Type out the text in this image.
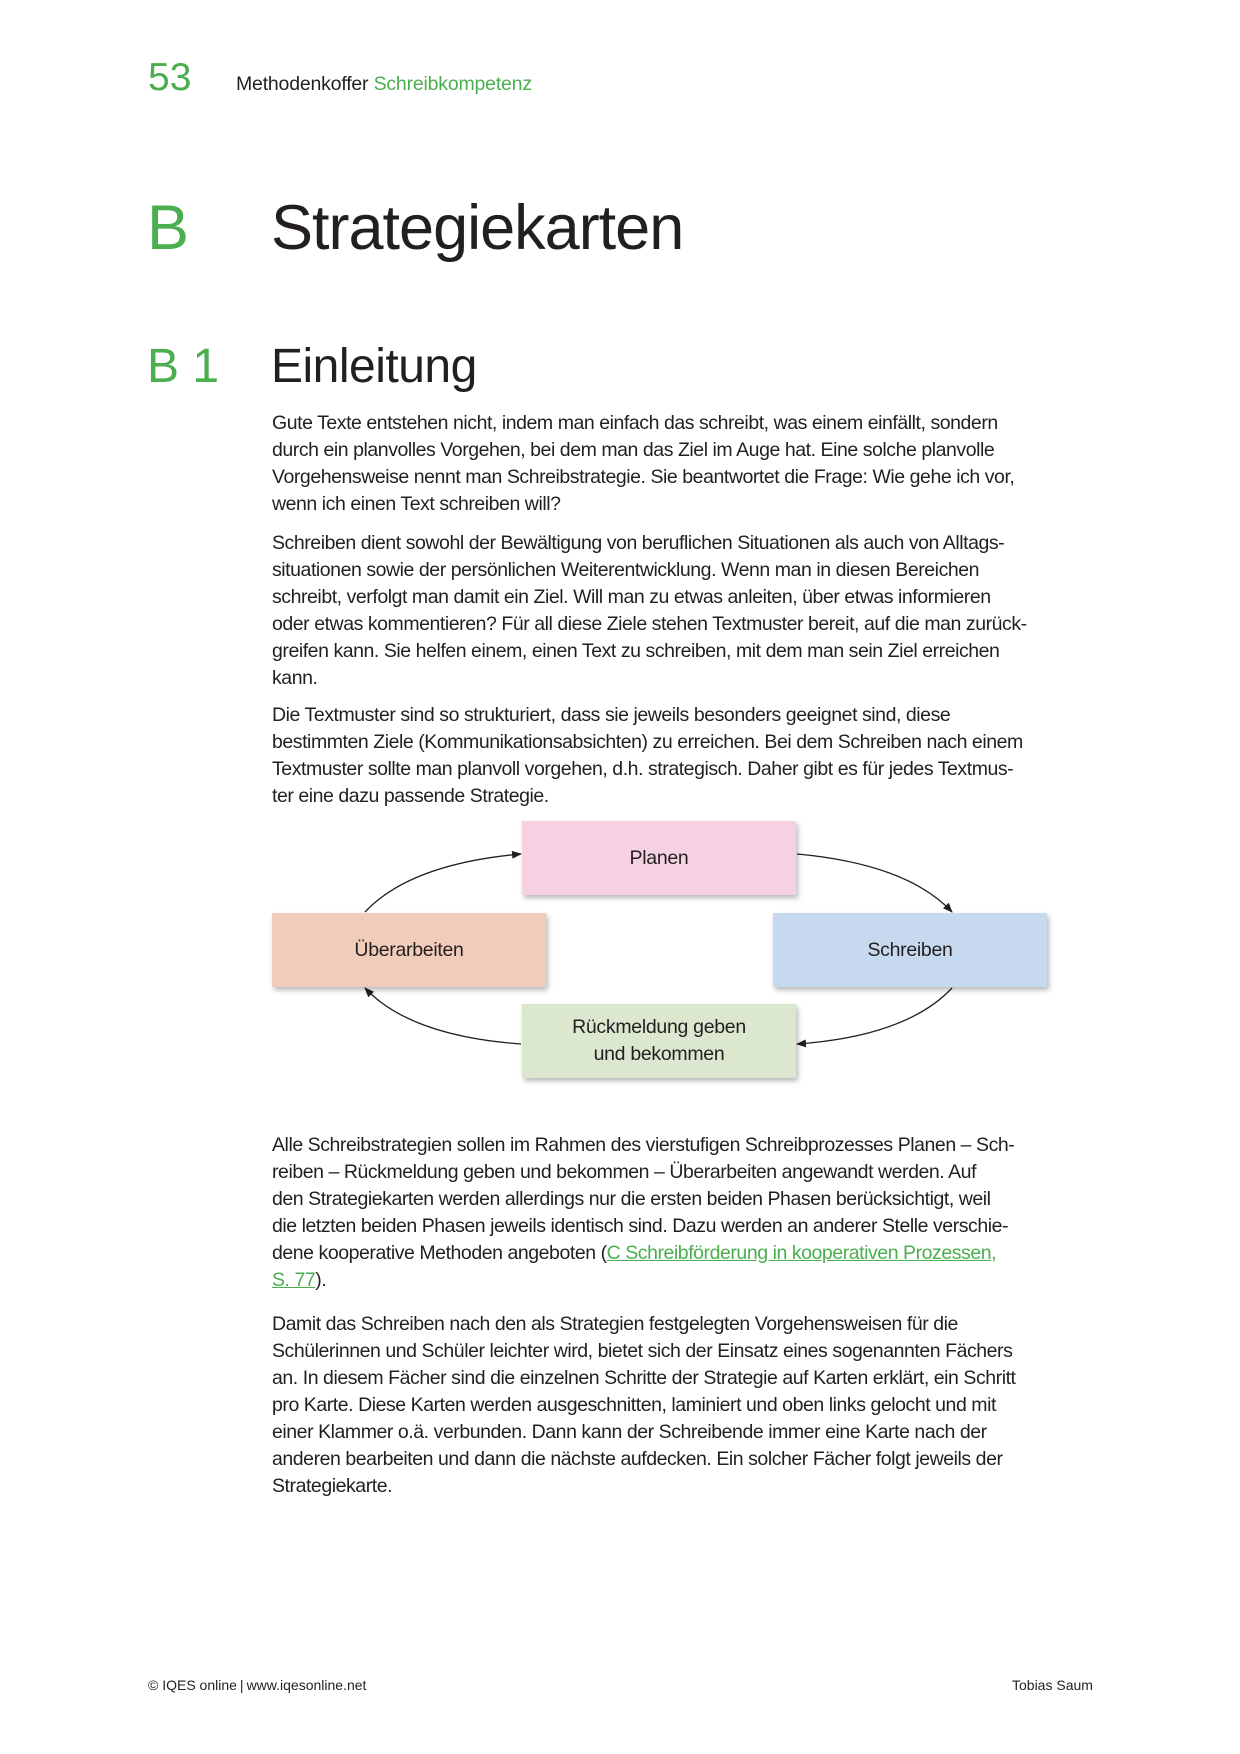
53 Methodenkoffer Schreibkompetenz
B Strategiekarten
B 1 Einleitung
Gute Texte entstehen nicht, indem man einfach das schreibt, was einem einfällt, sondern
durch ein planvolles Vorgehen, bei dem man das Ziel im Auge hat. Eine solche planvolle
Vorgehensweise nennt man Schreibstrategie. Sie beantwortet die Frage: Wie gehe ich vor,
wenn ich einen Text schreiben will?
Schreiben dient sowohl der Bewältigung von beruflichen Situationen als auch von Alltags-
situationen sowie der persönlichen Weiterentwicklung. Wenn man in diesen Bereichen
schreibt, verfolgt man damit ein Ziel. Will man zu etwas anleiten, über etwas informieren
oder etwas kommentieren? Für all diese Ziele stehen Textmuster bereit, auf die man zurück-
greifen kann. Sie helfen einem, einen Text zu schreiben, mit dem man sein Ziel erreichen
kann.
Die Textmuster sind so strukturiert, dass sie jeweils besonders geeignet sind, diese
bestimmten Ziele (Kommunikationsabsichten) zu erreichen. Bei dem Schreiben nach einem
Textmuster sollte man planvoll vorgehen, d.h. strategisch. Daher gibt es für jedes Textmus-
ter eine dazu passende Strategie.
Planen
Schreiben
Rückmeldung geben
und bekommen
Überarbeiten
Alle Schreibstrategien sollen im Rahmen des vierstufigen Schreibprozesses Planen – Sch-
reiben – Rückmeldung geben und bekommen – Überarbeiten angewandt werden. Auf
den Strategiekarten werden allerdings nur die ersten beiden Phasen berücksichtigt, weil
die letzten beiden Phasen jeweils identisch sind. Dazu werden an anderer Stelle verschie-
dene kooperative Methoden angeboten (C Schreibförderung in kooperativen Prozessen,
S. 77).
Damit das Schreiben nach den als Strategien festgelegten Vorgehensweisen für die
Schülerinnen und Schüler leichter wird, bietet sich der Einsatz eines sogenannten Fächers
an. In diesem Fächer sind die einzelnen Schritte der Strategie auf Karten erklärt, ein Schritt
pro Karte. Diese Karten werden ausgeschnitten, laminiert und oben links gelocht und mit
einer Klammer o.ä. verbunden. Dann kann der Schreibende immer eine Karte nach der
anderen bearbeiten und dann die nächste aufdecken. Ein solcher Fächer folgt jeweils der
Strategiekarte.
© IQES online | www.iqesonline.net	Tobias Saum
